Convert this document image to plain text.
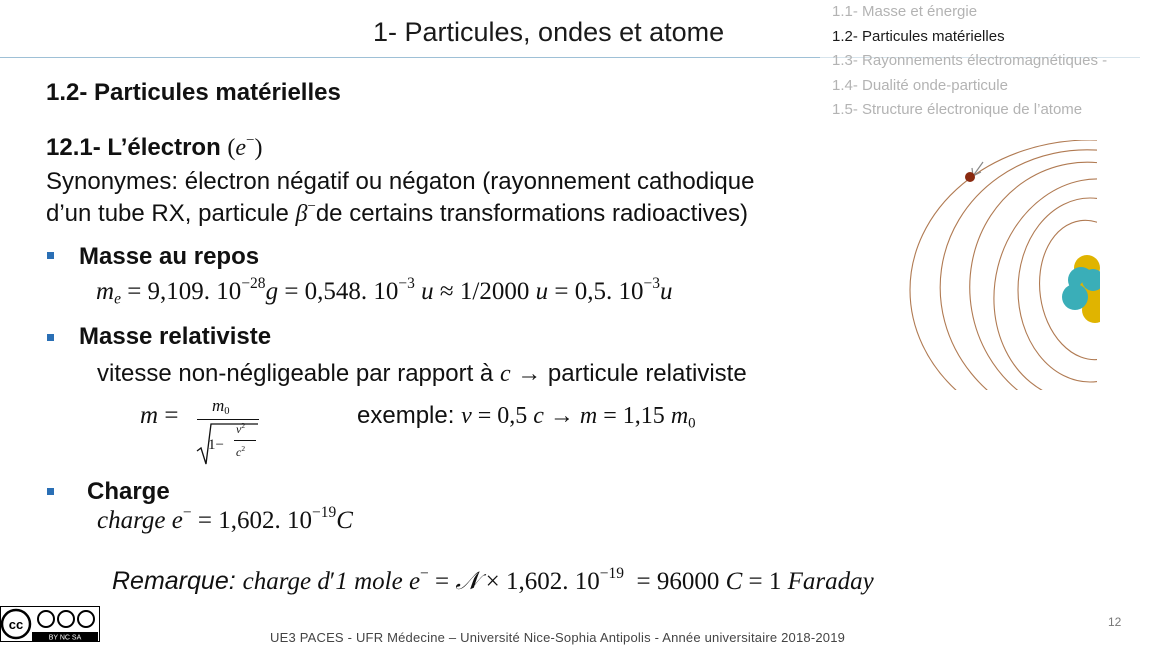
1- Particules, ondes et atome
1.1- Masse et énergie
1.2- Particules matérielles
1.3- Rayonnements électromagnétiques -
1.4- Dualité onde-particule
1.5- Structure électronique de l’atome
1.2- Particules matérielles
12.1- L’électron (e−)
Synonymes: électron négatif ou négaton (rayonnement cathodique
d’un tube RX, particule β−de certains transformations radioactives)
Masse au repos
$m_e = 9,109$. $10^{-28}g = 0,548$. $10^{-3}$ u ≈ 1/2000 u = 0,5. $10^{-3}u$
Masse relativiste
vitesse non-négligeable par rapport à c → particule relativiste
$m = m_0$
1−
$v^2$
$c^2$
exemple: v = 0,5 c → m = 1,15 $m_0$
Charge
charge e− = 1,602. $10^{-19}C$
Remarque: charge d′1 mole e− = 𝒩 × 1,602. $10^{-19} = 96000$ C = 1 Faraday
cc
BY NC SA
12
UE3 PACES - UFR Médecine – Université Nice-Sophia Antipolis - Année universitaire 2018-2019
